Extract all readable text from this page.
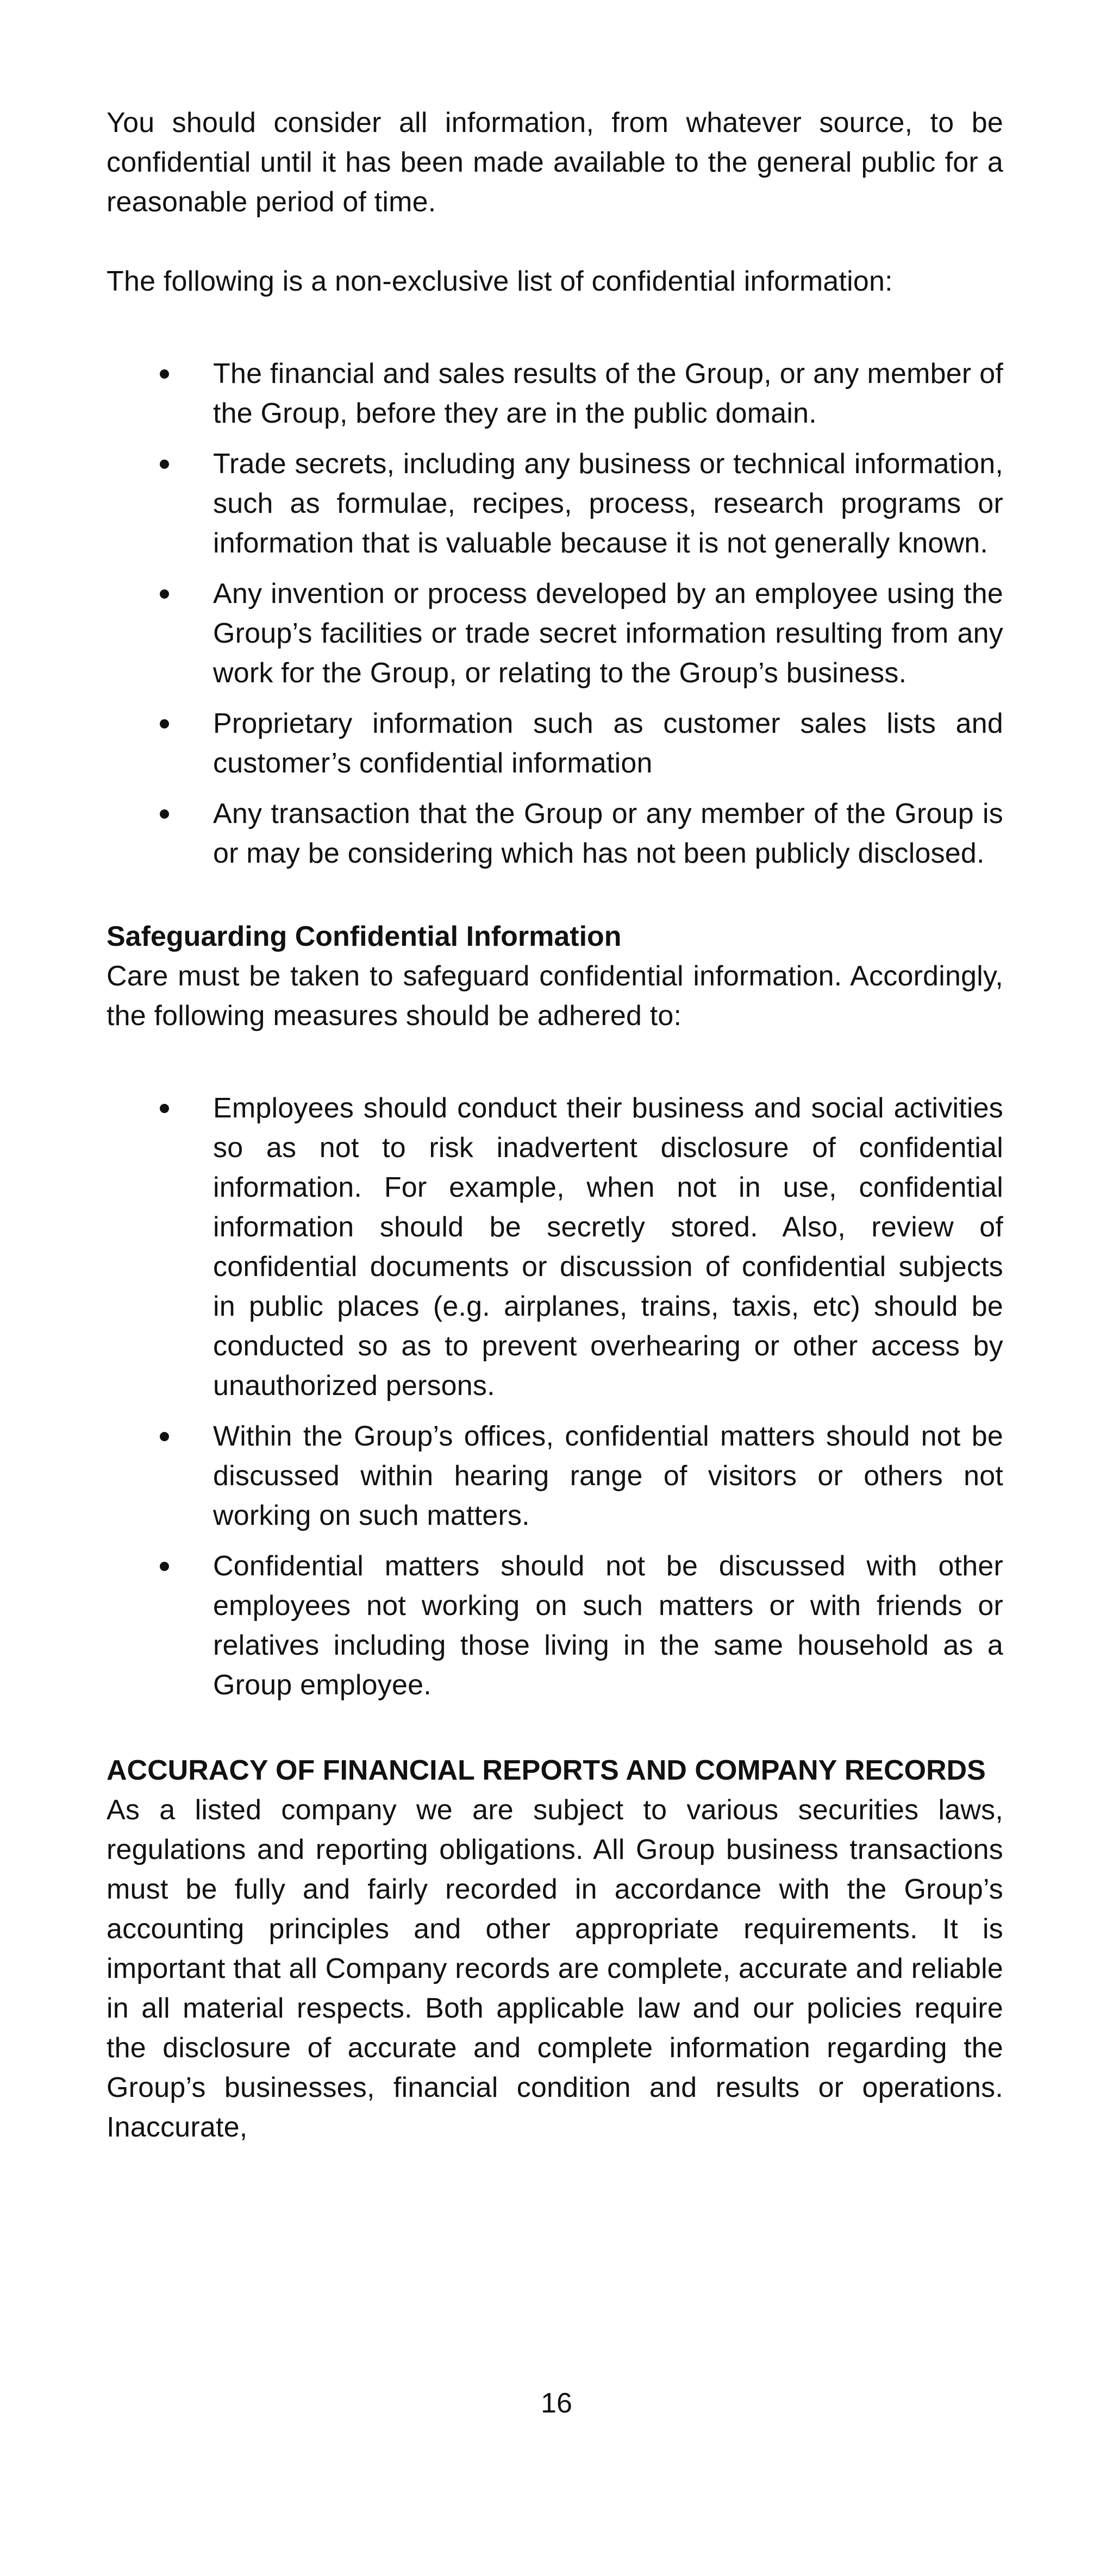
You should consider all information, from whatever source, to be confidential until it has been made available to the general public for a reasonable period of time.

The following is a non-exclusive list of confidential information:

The financial and sales results of the Group, or any member of the Group, before they are in the public domain.
Trade secrets, including any business or technical information, such as formulae, recipes, process, research programs or information that is valuable because it is not generally known.
Any invention or process developed by an employee using the Group’s facilities or trade secret information resulting from any work for the Group, or relating to the Group’s business.
Proprietary information such as customer sales lists and customer’s confidential information
Any transaction that the Group or any member of the Group is or may be considering which has not been publicly disclosed.
Safeguarding Confidential Information

Care must be taken to safeguard confidential information. Accordingly, the following measures should be adhered to:

Employees should conduct their business and social activities so as not to risk inadvertent disclosure of confidential information. For example, when not in use, confidential information should be secretly stored. Also, review of confidential documents or discussion of confidential subjects in public places (e.g. airplanes, trains, taxis, etc) should be conducted so as to prevent overhearing or other access by unauthorized persons.
Within the Group’s offices, confidential matters should not be discussed within hearing range of visitors or others not working on such matters.
Confidential matters should not be discussed with other employees not working on such matters or with friends or relatives including those living in the same household as a Group employee.
ACCURACY OF FINANCIAL REPORTS AND COMPANY RECORDS

As a listed company we are subject to various securities laws, regulations and reporting obligations. All Group business transactions must be fully and fairly recorded in accordance with the Group’s accounting principles and other appropriate requirements. It is important that all Company records are complete, accurate and reliable in all material respects. Both applicable law and our policies require the disclosure of accurate and complete information regarding the Group’s businesses, financial condition and results or operations. Inaccurate,

16
